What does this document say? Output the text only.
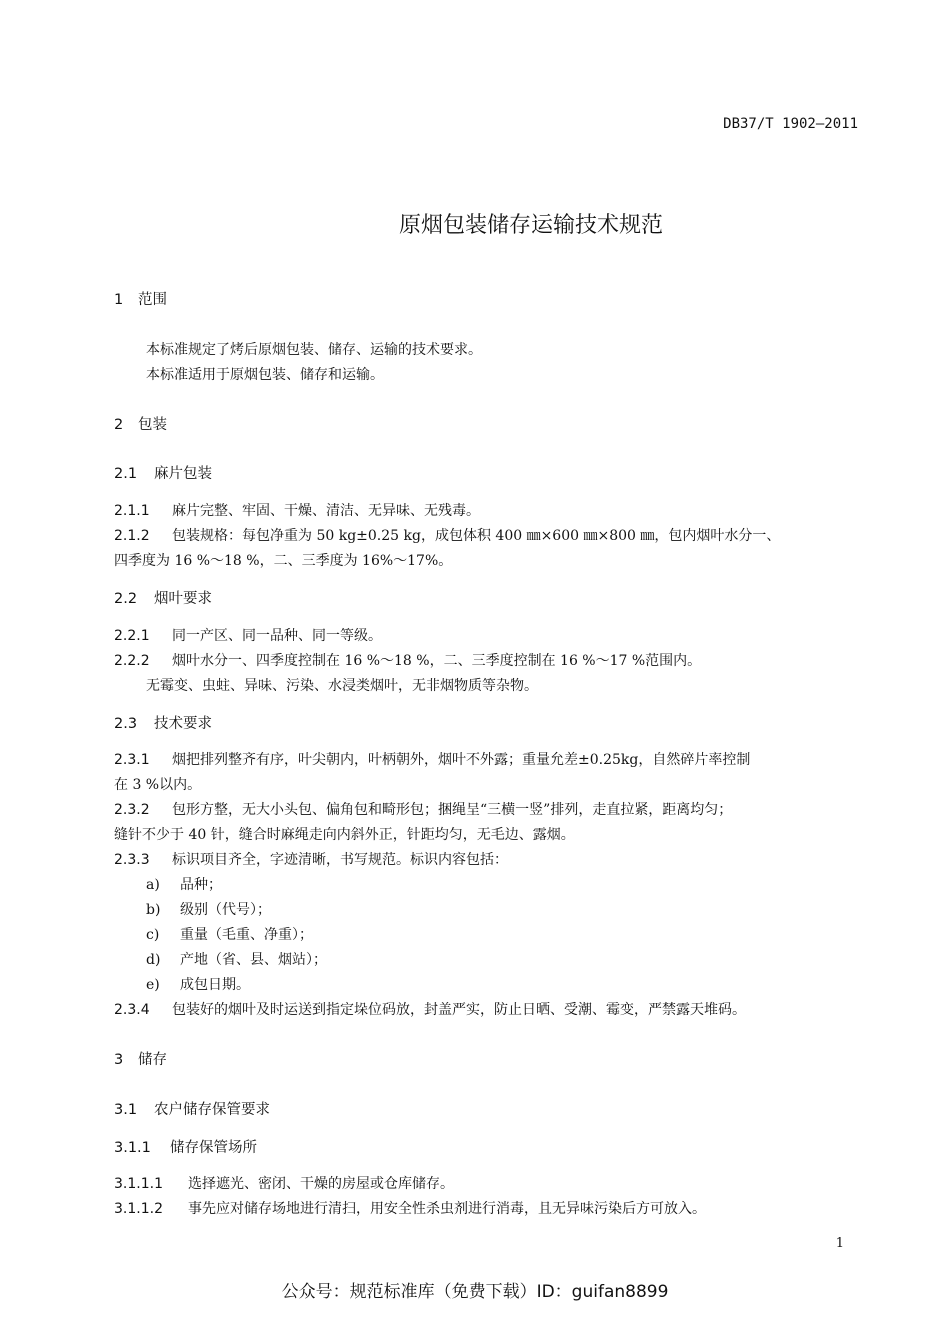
DB37/T 1902—2011
原烟包装储存运输技术规范
1 范围
本标准规定了烤后原烟包装、储存、运输的技术要求。
本标准适用于原烟包装、储存和运输。
2 包装
2.1 麻片包装
2.1.1 麻片完整、牢固、干燥、清洁、无异味、无残毒。
2.1.2 包装规格：每包净重为 50 kg±0.25 kg，成包体积 400 ㎜×600 ㎜×800 ㎜，包内烟叶水分一、
四季度为 16 %～18 %，二、三季度为 16%～17%。
2.2 烟叶要求
2.2.1 同一产区、同一品种、同一等级。
2.2.2 烟叶水分一、四季度控制在 16 %～18 %，二、三季度控制在 16 %～17 %范围内。
无霉变、虫蛀、异味、污染、水浸类烟叶，无非烟物质等杂物。
2.3 技术要求
2.3.1 烟把排列整齐有序，叶尖朝内，叶柄朝外，烟叶不外露；重量允差±0.25kg，自然碎片率控制
在 3 %以内。
2.3.2 包形方整，无大小头包、偏角包和畸形包；捆绳呈“三横一竖”排列，走直拉紧，距离均匀；
缝针不少于 40 针，缝合时麻绳走向内斜外正，针距均匀，无毛边、露烟。
2.3.3 标识项目齐全，字迹清晰，书写规范。标识内容包括：
a) 品种；
b) 级别（代号）；
c) 重量（毛重、净重）；
d) 产地（省、县、烟站）；
e) 成包日期。
2.3.4 包装好的烟叶及时运送到指定垛位码放，封盖严实，防止日晒、受潮、霉变，严禁露天堆码。
3 储存
3.1 农户储存保管要求
3.1.1 储存保管场所
3.1.1.1 选择遮光、密闭、干燥的房屋或仓库储存。
3.1.1.2 事先应对储存场地进行清扫，用安全性杀虫剂进行消毒，且无异味污染后方可放入。
1
公众号：规范标准库（免费下载）ID：guifan8899
